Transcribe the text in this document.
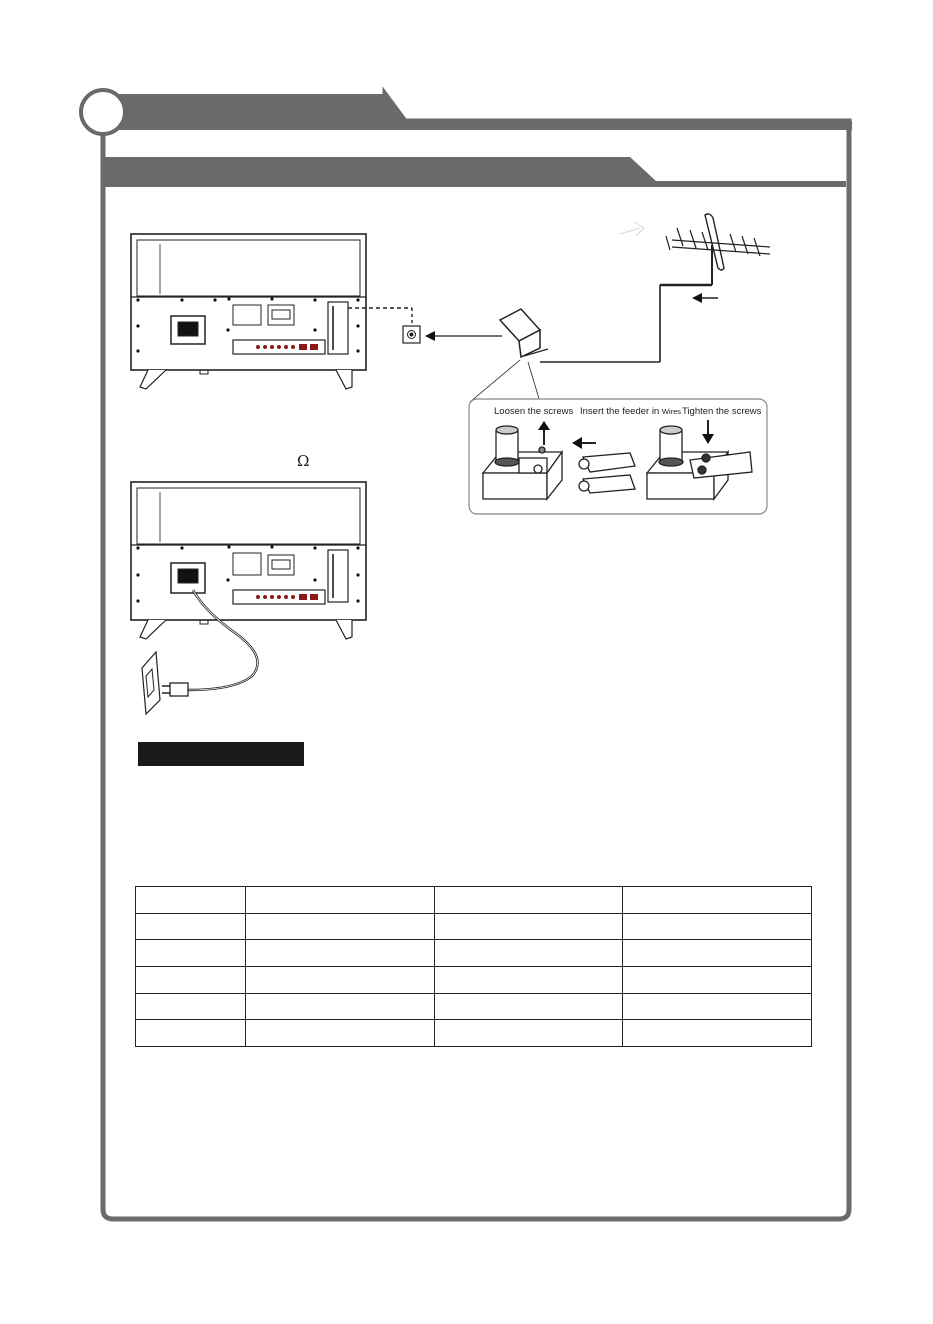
Loosen the screws Insert the feeder in Wires Tighten the screws
Ω
